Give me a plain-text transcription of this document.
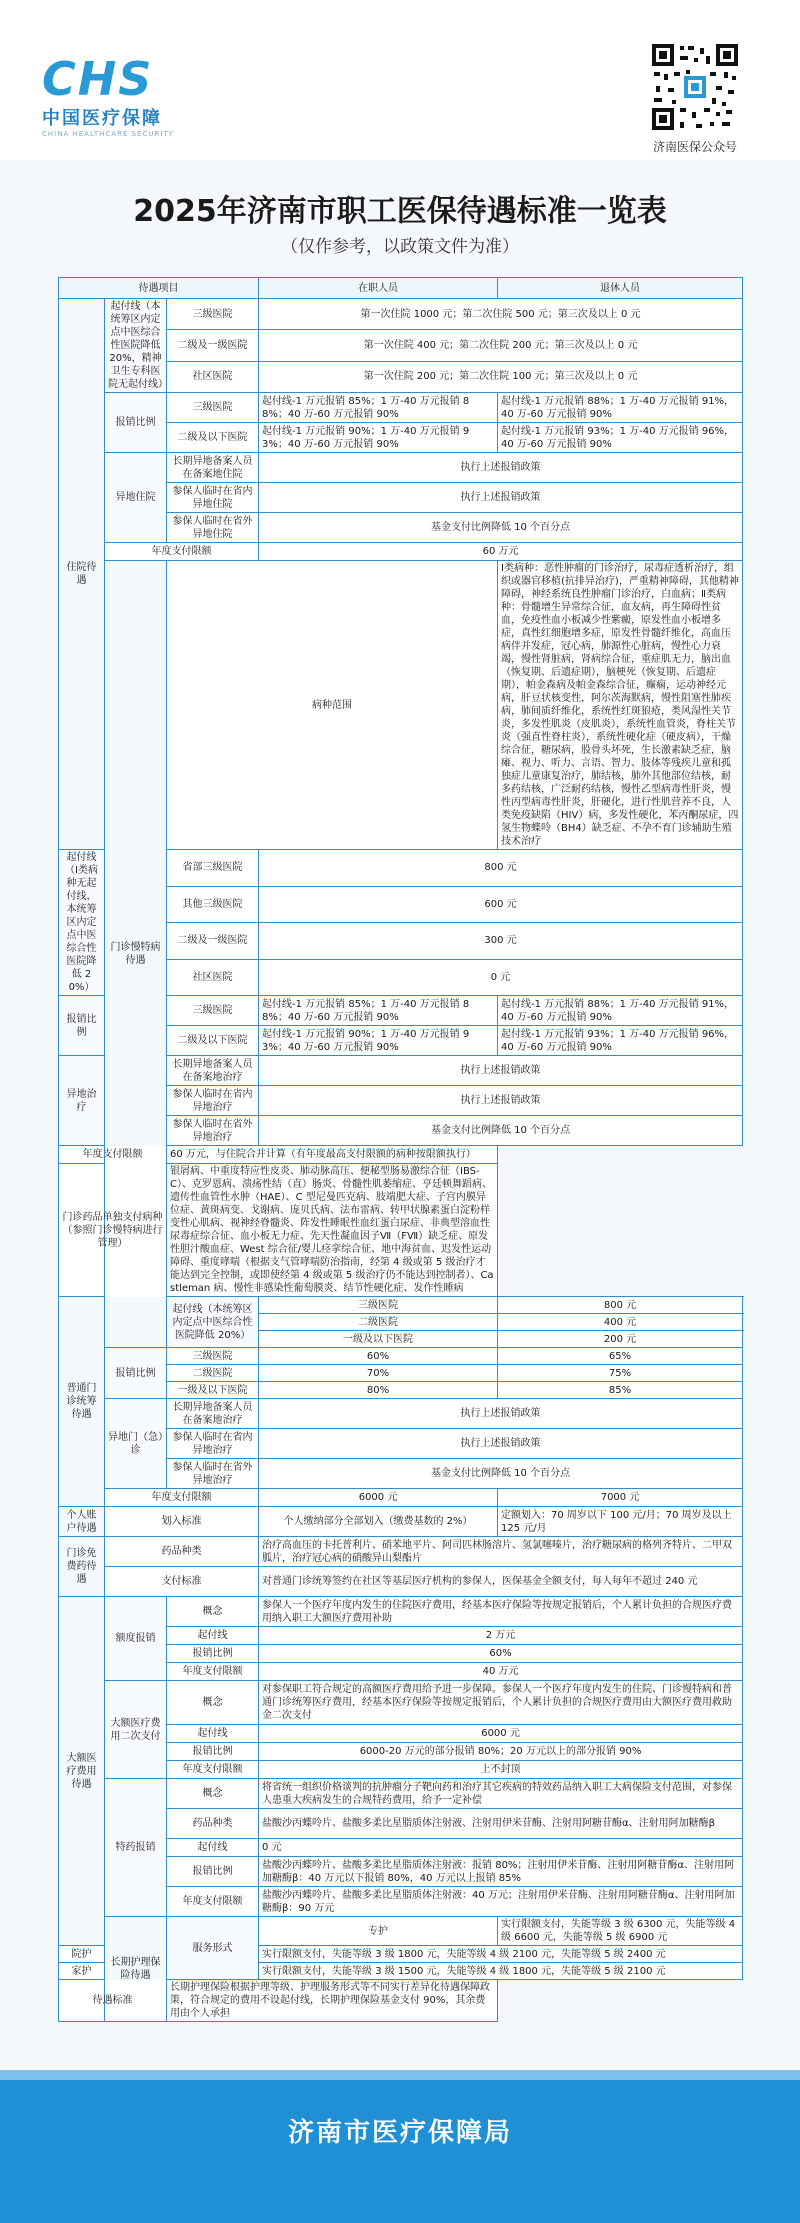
CHS
中国医疗保障
CHINA HEALTHCARE SECURITY
济南医保公众号
2025年济南市职工医保待遇标准一览表
（仅作参考，以政策文件为准）
待遇项目			在职人员	退休人员
住院待遇	起付线（本统筹区内定点中医综合性医院降低 20%，精神卫生专科医院无起付线）	三级医院	第一次住院 1000 元；第二次住院 500 元；第三次及以上 0 元	
		二级及一级医院	第一次住院 400 元；第二次住院 200 元；第三次及以上 0 元	
		社区医院	第一次住院 200 元；第二次住院 100 元；第三次及以上 0 元	
	报销比例	三级医院	起付线-1 万元报销 85%；1 万-40 万元报销 88%；40 万-60 万元报销 90%	起付线-1 万元报销 88%；1 万-40 万元报销 91%，40 万-60 万元报销 90%
		二级及以下医院	起付线-1 万元报销 90%；1 万-40 万元报销 93%；40 万-60 万元报销 90%	起付线-1 万元报销 93%；1 万-40 万元报销 96%，40 万-60 万元报销 90%
	异地住院	长期异地备案人员在备案地住院	执行上述报销政策	
		参保人临时在省内异地住院	执行上述报销政策	
		参保人临时在省外异地住院	基金支付比例降低 10 个百分点	
	年度支付限额		60 万元	
	门诊慢特病待遇	病种范围		Ⅰ类病种：恶性肿瘤的门诊治疗，尿毒症透析治疗，组织或器官移植(抗排异治疗)，严重精神障碍，其他精神障碍，神经系统良性肿瘤门诊治疗，白血病；Ⅱ类病种：骨髓增生异常综合征，血友病，再生障碍性贫血，免疫性血小板减少性紫癜，原发性血小板增多症，真性红细胞增多症，原发性骨髓纤维化，高血压病伴并发症，冠心病，肺源性心脏病，慢性心力衰竭，慢性肾脏病，肾病综合征，重症肌无力，脑出血（恢复期、后遗症期），脑梗死（恢复期、后遗症期），帕金森病及帕金森综合征，癫痫，运动神经元病，肝豆状核变性，阿尔茨海默病，慢性阻塞性肺疾病，肺间质纤维化，系统性红斑狼疮，类风湿性关节炎，多发性肌炎（皮肌炎），系统性血管炎，脊柱关节炎（强直性脊柱炎），系统性硬化症（硬皮病），干燥综合征，糖尿病，股骨头坏死，生长激素缺乏症，脑瘫、视力、听力、言语、智力、肢体等残疾儿童和孤独症儿童康复治疗，肺结核，肺外其他部位结核，耐多药结核，广泛耐药结核，慢性乙型病毒性肝炎，慢性丙型病毒性肝炎，肝硬化，进行性肌营养不良，人类免疫缺陷（HIV）病，多发性硬化，苯丙酮尿症，四氢生物蝶呤（BH4）缺乏症、不孕不育门诊辅助生殖技术治疗
起付线（Ⅰ类病种无起付线，本统筹区内定点中医综合性医院降低 20%）		省部三级医院	800 元	
		其他三级医院	600 元	
		二级及一级医院	300 元	
		社区医院	0 元	
报销比例		三级医院	起付线-1 万元报销 85%；1 万-40 万元报销 88%；40 万-60 万元报销 90%	起付线-1 万元报销 88%；1 万-40 万元报销 91%，40 万-60 万元报销 90%
		二级及以下医院	起付线-1 万元报销 90%；1 万-40 万元报销 93%；40 万-60 万元报销 90%	起付线-1 万元报销 93%；1 万-40 万元报销 96%，40 万-60 万元报销 90%
异地治疗		长期异地备案人员在备案地治疗	执行上述报销政策	
		参保人临时在省内异地治疗	执行上述报销政策	
		参保人临时在省外异地治疗	基金支付比例降低 10 个百分点	
年度支付限额		60 万元，与住院合并计算（有年度最高支付限额的病种按限额执行）		
门诊药品单独支付病种（参照门诊慢特病进行管理）		银屑病、中重度特应性皮炎、肺动脉高压、便秘型肠易激综合征（IBS-C）、克罗恩病、溃疡性结（直）肠炎、骨髓性肌萎缩症、亨廷顿舞蹈病、遗传性血管性水肿（HAE）、C 型尼曼匹克病、肢端肥大症、子宫内膜异位症、黄斑病变、戈谢病、庞贝氏病、法布雷病、转甲状腺素蛋白淀粉样变性心肌病、视神经脊髓炎、阵发性睡眠性血红蛋白尿症、非典型溶血性尿毒症综合征、血小板无力症、先天性凝血因子Ⅶ（FⅦ）缺乏症、原发性胆汁酸血症、West 综合征/婴儿痉挛综合征、地中海贫血、迟发性运动障碍、重度哮喘（根据支气管哮喘防治指南，经第 4 级或第 5 级治疗才能达到完全控制，或即使经第 4 级或第 5 级治疗仍不能达到控制者）、Castleman 病、慢性非感染性葡萄膜炎、结节性硬化症、发作性睡病		
普通门诊统筹待遇		起付线（本统筹区内定点中医综合性医院降低 20%）	三级医院	800 元
			二级医院	400 元
			一级及以下医院	200 元
	报销比例	三级医院	60%	65%
		二级医院	70%	75%
		一级及以下医院	80%	85%
	异地门（急）诊	长期异地备案人员在备案地治疗	执行上述报销政策	
		参保人临时在省内异地治疗	执行上述报销政策	
		参保人临时在省外异地治疗	基金支付比例降低 10 个百分点	
	年度支付限额		6000 元	7000 元
个人账户待遇	划入标准		个人缴纳部分全部划入（缴费基数的 2%）	定额划入：70 周岁以下 100 元/月；70 周岁及以上 125 元/月
门诊免费药待遇	药品种类		治疗高血压的卡托普利片、硝苯地平片、阿司匹林肠溶片、氢氯噻嗪片，治疗糖尿病的格列齐特片、二甲双胍片，治疗冠心病的硝酸异山梨酯片	
	支付标准		对普通门诊统筹签约在社区等基层医疗机构的参保人，医保基金全额支付，每人每年不超过 240 元	
大额医疗费用待遇	额度报销	概念	参保人一个医疗年度内发生的住院医疗费用，经基本医疗保险等按规定报销后，个人累计负担的合规医疗费用纳入职工大额医疗费用补助	
		起付线	2 万元	
		报销比例	60%	
		年度支付限额	40 万元	
	大额医疗费用二次支付	概念	对参保职工符合规定的高额医疗费用给予进一步保障。参保人一个医疗年度内发生的住院、门诊慢特病和普通门诊统筹医疗费用，经基本医疗保险等按规定报销后，个人累计负担的合规医疗费用由大额医疗费用救助金二次支付	
		起付线	6000 元	
		报销比例	6000-20 万元的部分报销 80%；20 万元以上的部分报销 90%	
		年度支付限额	上不封顶	
	特药报销	概念	将省统一组织价格谈判的抗肿瘤分子靶向药和治疗其它疾病的特效药品纳入职工大病保险支付范围，对参保人患重大疾病发生的合规特药费用，给予一定补偿	
		药品种类	盐酸沙丙蝶呤片、盐酸多柔比星脂质体注射液、注射用伊米苷酶、注射用阿糖苷酶α、注射用阿加糖酶β	
		起付线	0 元	
		报销比例	盐酸沙丙蝶呤片、盐酸多柔比星脂质体注射液：报销 80%；注射用伊米苷酶、注射用阿糖苷酶α、注射用阿加糖酶β：40 万元以下报销 80%，40 万元以上报销 85%	
		年度支付限额	盐酸沙丙蝶呤片、盐酸多柔比星脂质体注射液：40 万元；注射用伊米苷酶、注射用阿糖苷酶α、注射用阿加糖酶β：90 万元	
	长期护理保险待遇	服务形式	专护	实行限额支付，失能等级 3 级 6300 元，失能等级 4 级 6600 元，失能等级 5 级 6900 元
院护			实行限额支付，失能等级 3 级 1800 元，失能等级 4 级 2100 元，失能等级 5 级 2400 元	
家护			实行限额支付，失能等级 3 级 1500 元，失能等级 4 级 1800 元，失能等级 5 级 2100 元	
待遇标准		长期护理保险根据护理等级、护理服务形式等不同实行差异化待遇保障政策，符合规定的费用不设起付线，长期护理保险基金支付 90%，其余费用由个人承担		
济南市医疗保障局
